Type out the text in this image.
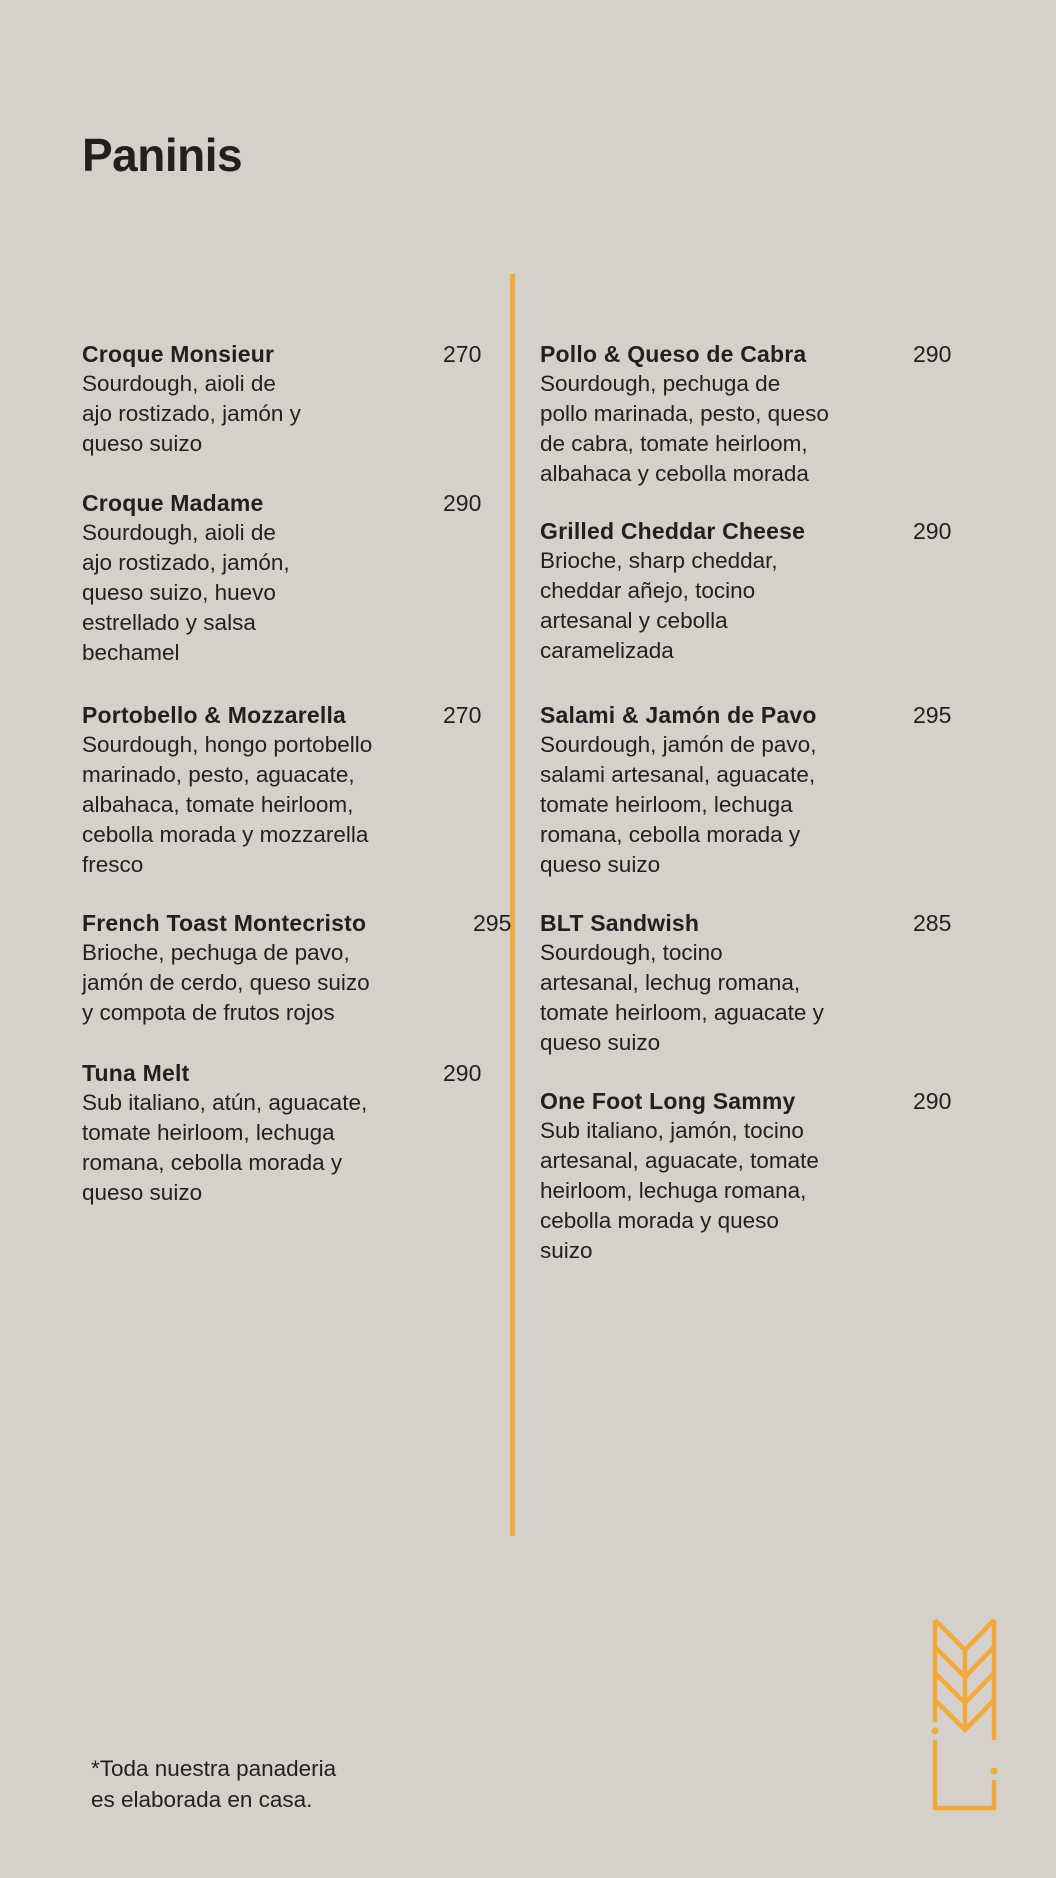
Paninis
Croque Monsieur
Sourdough, aioli de
ajo rostizado, jamón y
queso suizo
270
Croque Madame
Sourdough, aioli de
ajo rostizado, jamón,
queso suizo, huevo
estrellado y salsa
bechamel
290
Portobello & Mozzarella
Sourdough, hongo portobello
marinado, pesto, aguacate,
albahaca, tomate heirloom,
cebolla morada y mozzarella
fresco
270
French Toast Montecristo
Brioche, pechuga de pavo,
jamón de cerdo, queso suizo
y compota de frutos rojos
295
Tuna Melt
Sub italiano, atún, aguacate,
tomate heirloom, lechuga
romana, cebolla morada y
queso suizo
290
Pollo & Queso de Cabra
Sourdough, pechuga de
pollo marinada, pesto, queso
de cabra, tomate heirloom,
albahaca y cebolla morada
290
Grilled Cheddar Cheese
Brioche, sharp cheddar,
cheddar añejo, tocino
artesanal y cebolla
caramelizada
290
Salami & Jamón de Pavo
Sourdough, jamón de pavo,
salami artesanal, aguacate,
tomate heirloom, lechuga
romana, cebolla morada y
queso suizo
295
BLT Sandwish
Sourdough, tocino
artesanal, lechug romana,
tomate heirloom, aguacate y
queso suizo
285
One Foot Long Sammy
Sub italiano, jamón, tocino
artesanal, aguacate, tomate
heirloom, lechuga romana,
cebolla morada y queso
suizo
290
*Toda nuestra panaderia
es elaborada en casa.
